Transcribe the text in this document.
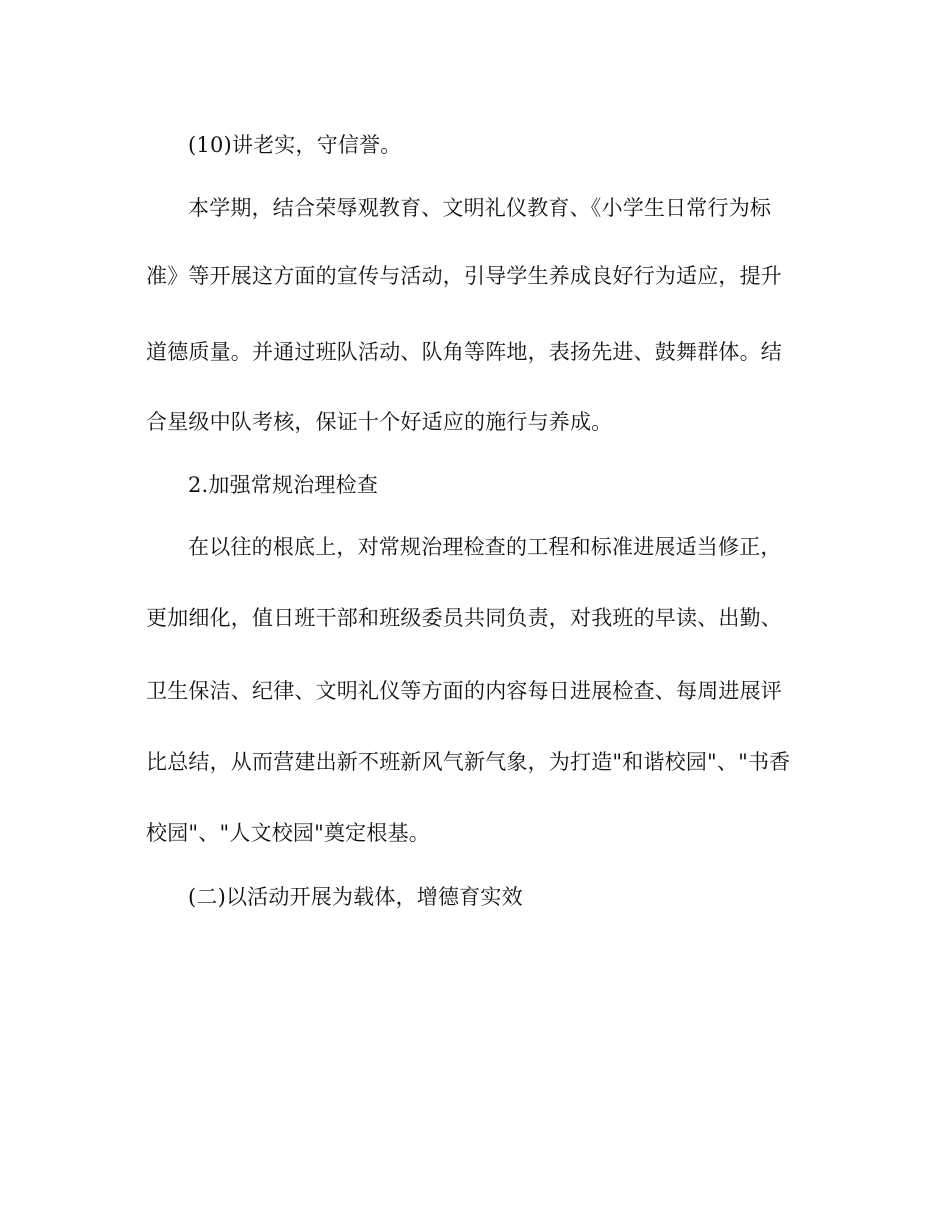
(10)讲老实，守信誉。
本学期，结合荣辱观教育、文明礼仪教育、《小学生日常行为标
准》等开展这方面的宣传与活动，引导学生养成良好行为适应，提升
道德质量。并通过班队活动、队角等阵地，表扬先进、鼓舞群体。结
合星级中队考核，保证十个好适应的施行与养成。
2.加强常规治理检查
在以往的根底上，对常规治理检查的工程和标准进展适当修正，
更加细化，值日班干部和班级委员共同负责，对我班的早读、出勤、
卫生保洁、纪律、文明礼仪等方面的内容每日进展检查、每周进展评
比总结，从而营建出新不班新风气新气象，为打造"和谐校园"、"书香
校园"、"人文校园"奠定根基。
(二)以活动开展为载体，增德育实效
